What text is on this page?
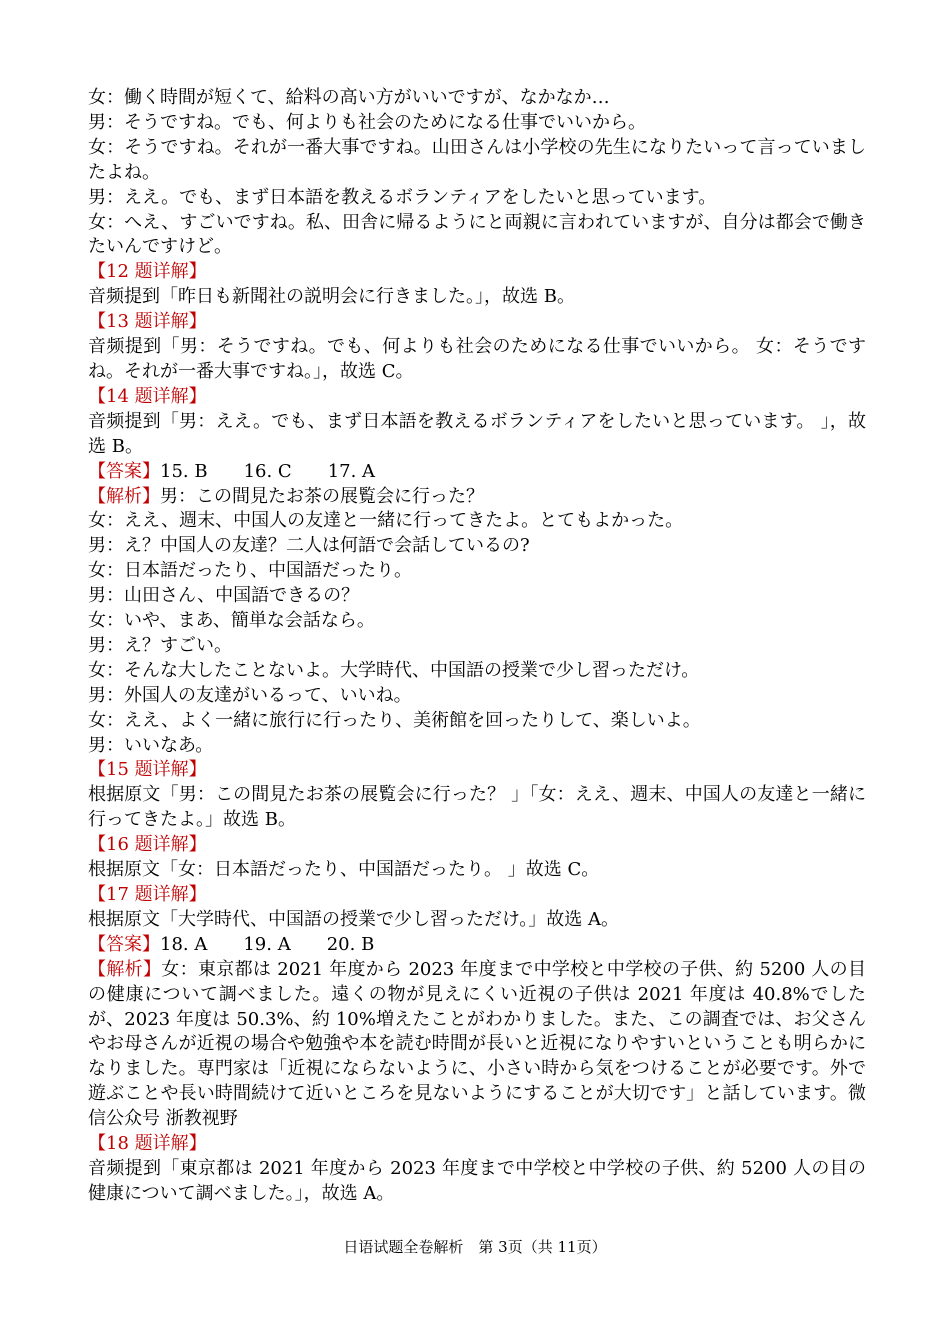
女：働く時間が短くて、給料の高い方がいいですが、なかなか…
男：そうですね。でも、何よりも社会のためになる仕事でいいから。
女：そうですね。それが一番大事ですね。山田さんは小学校の先生になりたいって言っていましたよね。
男：ええ。でも、まず日本語を教えるボランティアをしたいと思っています。
女：へえ、すごいですね。私、田舎に帰るようにと両親に言われていますが、自分は都会で働きたいんですけど。
【12 题详解】
音频提到「昨日も新聞社の説明会に行きました。」，故选 B。
【13 题详解】
音频提到「男：そうですね。でも、何よりも社会のためになる仕事でいいから。 女：そうですね。それが一番大事ですね。」，故选 C。
【14 题详解】
音频提到「男：ええ。でも、まず日本語を教えるボランティアをしたいと思っています。 」，故选 B。
【答案】15. B 16. C 17. A
【解析】男：この間見たお茶の展覧会に行った？
女：ええ、週末、中国人の友達と一緒に行ってきたよ。とてもよかった。
男：え？中国人の友達？二人は何語で会話しているの?
女：日本語だったり、中国語だったり。
男：山田さん、中国語できるの？
女：いや、まあ、簡単な会話なら。
男：え？すごい。
女：そんな大したことないよ。大学時代、中国語の授業で少し習っただけ。
男：外国人の友達がいるって、いいね。
女：ええ、よく一緒に旅行に行ったり、美術館を回ったりして、楽しいよ。
男：いいなあ。
【15 题详解】
根据原文「男：この間見たお茶の展覧会に行った？ 」「女：ええ、週末、中国人の友達と一緒に行ってきたよ。」故选 B。
【16 题详解】
根据原文「女：日本語だったり、中国語だったり。 」故选 C。
【17 题详解】
根据原文「大学時代、中国語の授業で少し習っただけ。」故选 A。
【答案】18. A 19. A 20. B
【解析】女：東京都は 2021 年度から 2023 年度まで中学校と中学校の子供、約 5200 人の目の健康について調べました。遠くの物が見えにくい近視の子供は 2021 年度は 40.8%でしたが、2023 年度は 50.3%、約 10%増えたことがわかりました。また、この調査では、お父さんやお母さんが近視の場合や勉強や本を読む時間が長いと近視になりやすいということも明らかになりました。専門家は「近視にならないように、小さい時から気をつけることが必要です。外で遊ぶことや長い時間続けて近いところを見ないようにすることが大切です」と話しています。微信公众号 浙教视野
【18 题详解】
音频提到「東京都は 2021 年度から 2023 年度まで中学校と中学校の子供、約 5200 人の目の健康について調べました。」，故选 A。
日语试题全卷解析　第 3页（共 11页）
